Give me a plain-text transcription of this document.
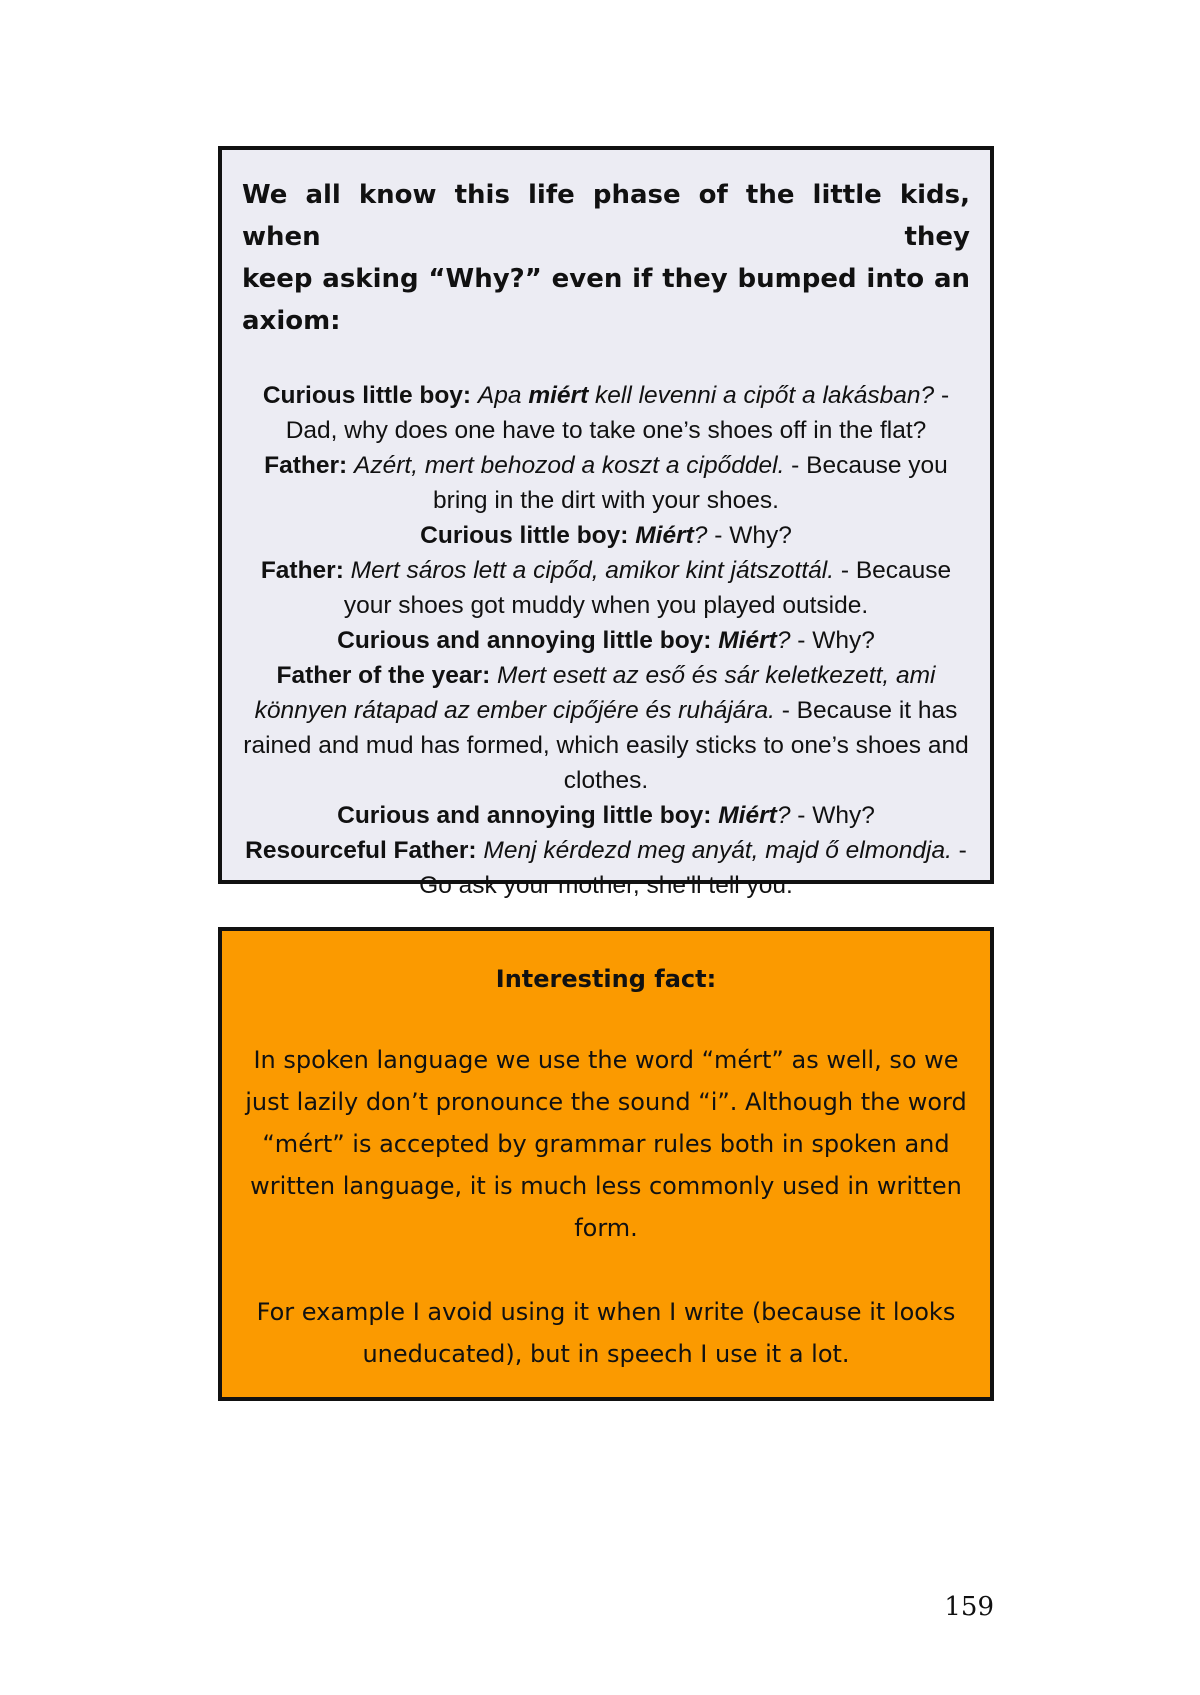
We all know this life phase of the little kids, when they
keep asking “Why?” even if they bumped into an axiom:

Curious little boy: Apa miért kell levenni a cipőt a lakásban? - Dad, why does one have to take one’s shoes off in the flat?

Father: Azért, mert behozod a koszt a cipőddel. - Because you bring in the dirt with your shoes.

Curious little boy: Miért? - Why?

Father: Mert sáros lett a cipőd, amikor kint játszottál. - Because your shoes got muddy when you played outside.

Curious and annoying little boy: Miért? - Why?

Father of the year: Mert esett az eső és sár keletkezett, ami könnyen rátapad az ember cipőjére és ruhájára. - Because it has rained and mud has formed, which easily sticks to one’s shoes and clothes.

Curious and annoying little boy: Miért? - Why?

Resourceful Father: Menj kérdezd meg anyát, majd ő elmondja. - Go ask your mother, she'll tell you.

Interesting fact:

In spoken language we use the word “mért” as well, so we just lazily don’t pronounce the sound “i”. Although the word “mért” is accepted by grammar rules both in spoken and written language, it is much less commonly used in written form.

For example I avoid using it when I write (because it looks uneducated), but in speech I use it a lot.

159
